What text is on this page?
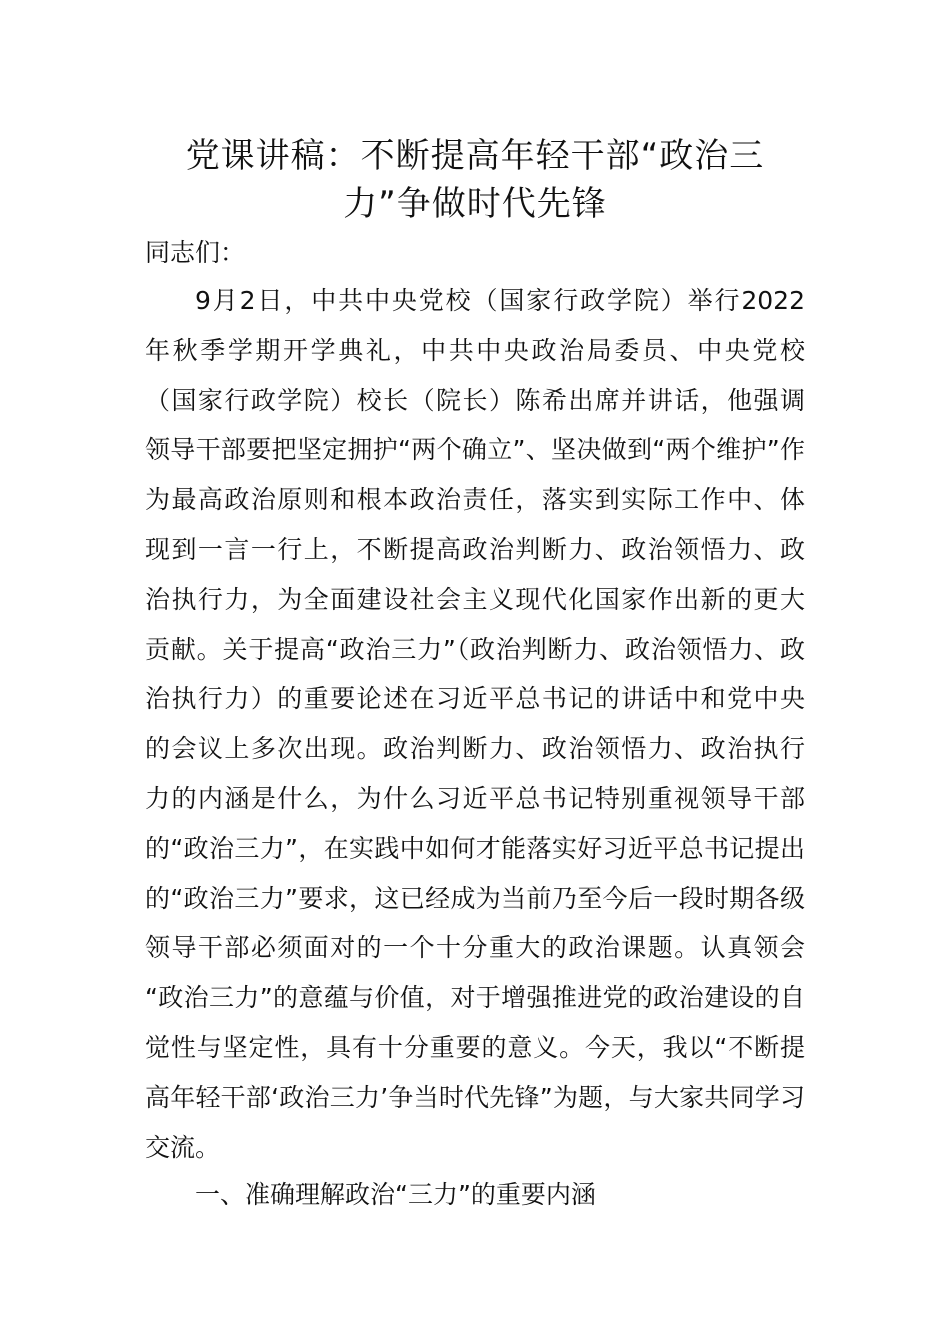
党课讲稿：不断提高年轻干部“政治三
力”争做时代先锋
同志们：
9月2日，中共中央党校（国家行政学院）举行2022
年秋季学期开学典礼，中共中央政治局委员、中央党校
（国家行政学院）校长（院长）陈希出席并讲话，他强调
领导干部要把坚定拥护“两个确立”、坚决做到“两个维护”作
为最高政治原则和根本政治责任，落实到实际工作中、体
现到一言一行上，不断提高政治判断力、政治领悟力、政
治执行力，为全面建设社会主义现代化国家作出新的更大
贡献。关于提高“政治三力”（政治判断力、政治领悟力、政
治执行力）的重要论述在习近平总书记的讲话中和党中央
的会议上多次出现。政治判断力、政治领悟力、政治执行
力的内涵是什么，为什么习近平总书记特别重视领导干部
的“政治三力”，在实践中如何才能落实好习近平总书记提出
的“政治三力”要求，这已经成为当前乃至今后一段时期各级
领导干部必须面对的一个十分重大的政治课题。认真领会
“政治三力”的意蕴与价值，对于增强推进党的政治建设的自
觉性与坚定性，具有十分重要的意义。今天，我以“不断提
高年轻干部‘政治三力’争当时代先锋”为题，与大家共同学习
交流。
一、准确理解政治“三力”的重要内涵
